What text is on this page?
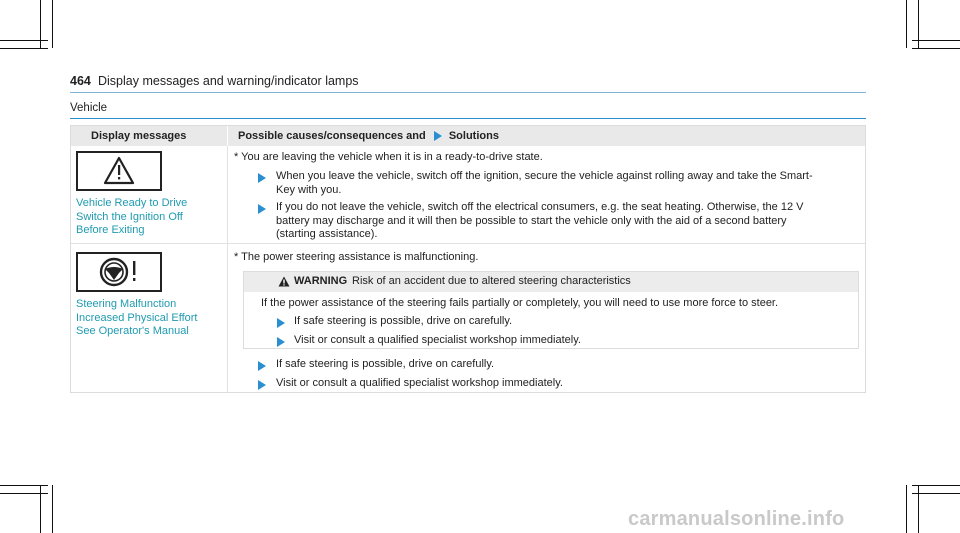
464 Display messages and warning/indicator lamps
Vehicle
Display messages	Possible causes/consequences and Solutions
Vehicle Ready to Drive
Switch the Ignition Off
Before Exiting
* You are leaving the vehicle when it is in a ready-to-drive state.
When you leave the vehicle, switch off the ignition, secure the vehicle against rolling away and take the Smart-
Key with you.
If you do not leave the vehicle, switch off the electrical consumers, e.g. the seat heating. Otherwise, the 12 V
battery may discharge and it will then be possible to start the vehicle only with the aid of a second battery
(starting assistance).
Steering Malfunction
Increased Physical Effort
See Operator's Manual
* The power steering assistance is malfunctioning.
WARNING Risk of an accident due to altered steering characteristics
If the power assistance of the steering fails partially or completely, you will need to use more force to steer.
If safe steering is possible, drive on carefully.
Visit or consult a qualified specialist workshop immediately.
If safe steering is possible, drive on carefully.
Visit or consult a qualified specialist workshop immediately.
carmanualsonline.info
